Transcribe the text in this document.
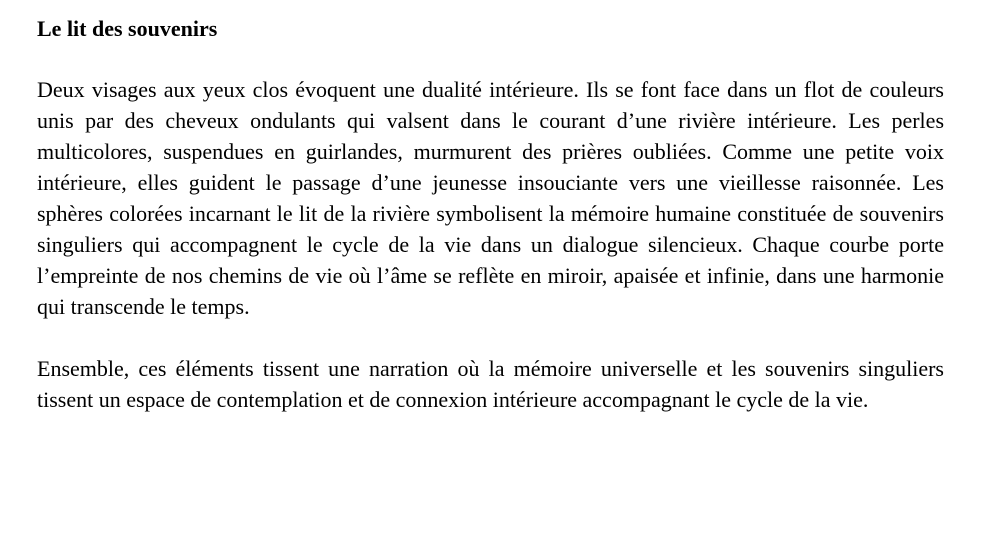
Le lit des souvenirs

Deux visages aux yeux clos évoquent une dualité intérieure. Ils se font face dans un flot de couleurs unis par des cheveux ondulants qui valsent dans le courant d’une rivière intérieure. Les perles multicolores, suspendues en guirlandes, murmurent des prières oubliées. Comme une petite voix intérieure, elles guident le passage d’une jeunesse insouciante vers une vieillesse raisonnée. Les sphères colorées incarnant le lit de la rivière symbolisent la mémoire humaine constituée de souvenirs singuliers qui accompagnent le cycle de la vie dans un dialogue silencieux. Chaque courbe porte l’empreinte de nos chemins de vie où l’âme se reflète en miroir, apaisée et infinie, dans une harmonie qui transcende le temps.

Ensemble, ces éléments tissent une narration où la mémoire universelle et les souvenirs singuliers tissent un espace de contemplation et de connexion intérieure accompagnant le cycle de la vie.
